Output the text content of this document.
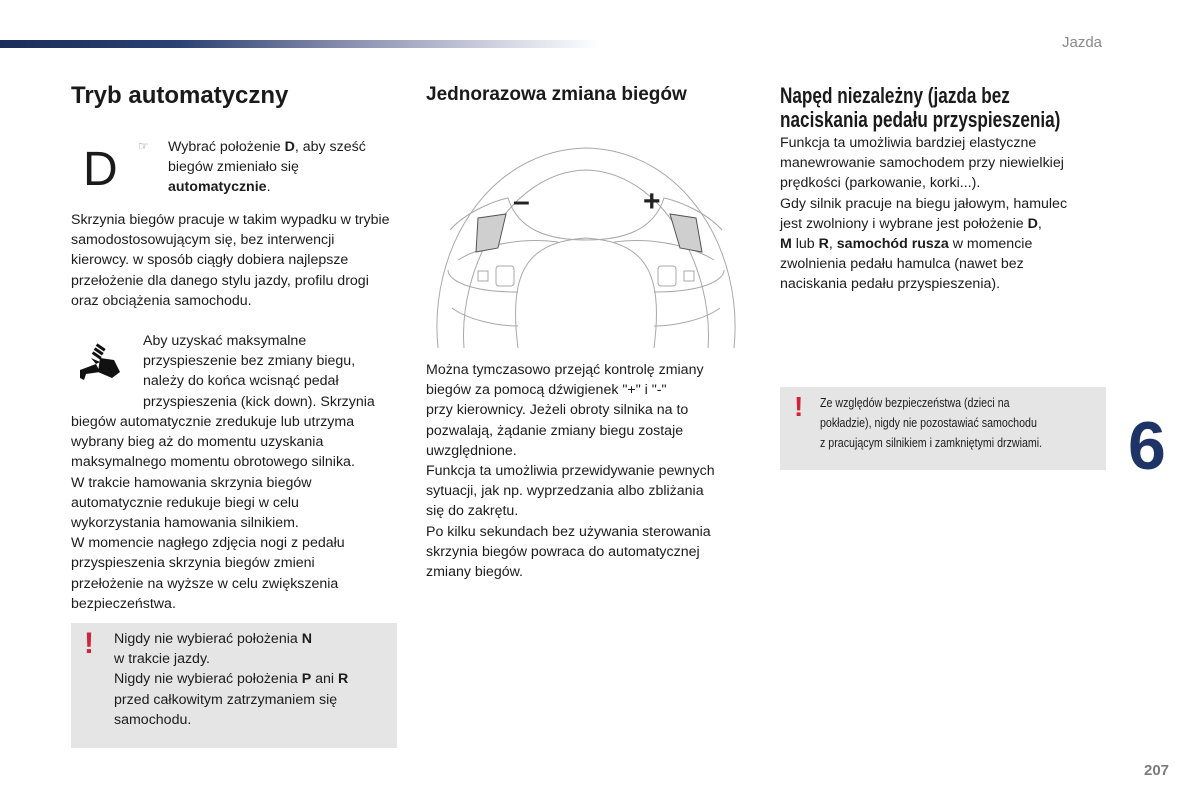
Jazda
Tryb automatyczny
D ☞ Wybrać położenie D, aby sześć biegów zmieniało się automatycznie.
Skrzynia biegów pracuje w takim wypadku w trybie samodostosowującym się, bez interwencji kierowcy. w sposób ciągły dobiera najlepsze przełożenie dla danego stylu jazdy, profilu drogi oraz obciążenia samochodu.
Aby uzyskać maksymalne
przyspieszenie bez zmiany biegu,
należy do końca wcisnąć pedał
przyspieszenia (kick down). Skrzynia
biegów automatycznie zredukuje lub utrzyma
wybrany bieg aż do momentu uzyskania
maksymalnego momentu obrotowego silnika.
W trakcie hamowania skrzynia biegów
automatycznie redukuje biegi w celu
wykorzystania hamowania silnikiem.
W momencie nagłego zdjęcia nogi z pedału
przyspieszenia skrzynia biegów zmieni
przełożenie na wyższe w celu zwiększenia
bezpieczeństwa.
! Nigdy nie wybierać położenia N
w trakcie jazdy.
Nigdy nie wybierać położenia P ani R
przed całkowitym zatrzymaniem się
samochodu.
Jednorazowa zmiana biegów
–	+
Można tymczasowo przejąć kontrolę zmiany
biegów za pomocą dźwigienek "+" i "-"
przy kierownicy. Jeżeli obroty silnika na to
pozwalają, żądanie zmiany biegu zostaje
uwzględnione.
Funkcja ta umożliwia przewidywanie pewnych
sytuacji, jak np. wyprzedzania albo zbliżania
się do zakrętu.
Po kilku sekundach bez używania sterowania
skrzynia biegów powraca do automatycznej
zmiany biegów.
Napęd niezależny (jazda bez
naciskania pedału przyspieszenia)
Funkcja ta umożliwia bardziej elastyczne
manewrowanie samochodem przy niewielkiej
prędkości (parkowanie, korki...).
Gdy silnik pracuje na biegu jałowym, hamulec
jest zwolniony i wybrane jest położenie D,
M lub R, samochód rusza w momencie
zwolnienia pedału hamulca (nawet bez
naciskania pedału przyspieszenia).
! Ze względów bezpieczeństwa (dzieci na
pokładzie), nigdy nie pozostawiać samochodu
z pracującym silnikiem i zamkniętymi drzwiami.	6
207
